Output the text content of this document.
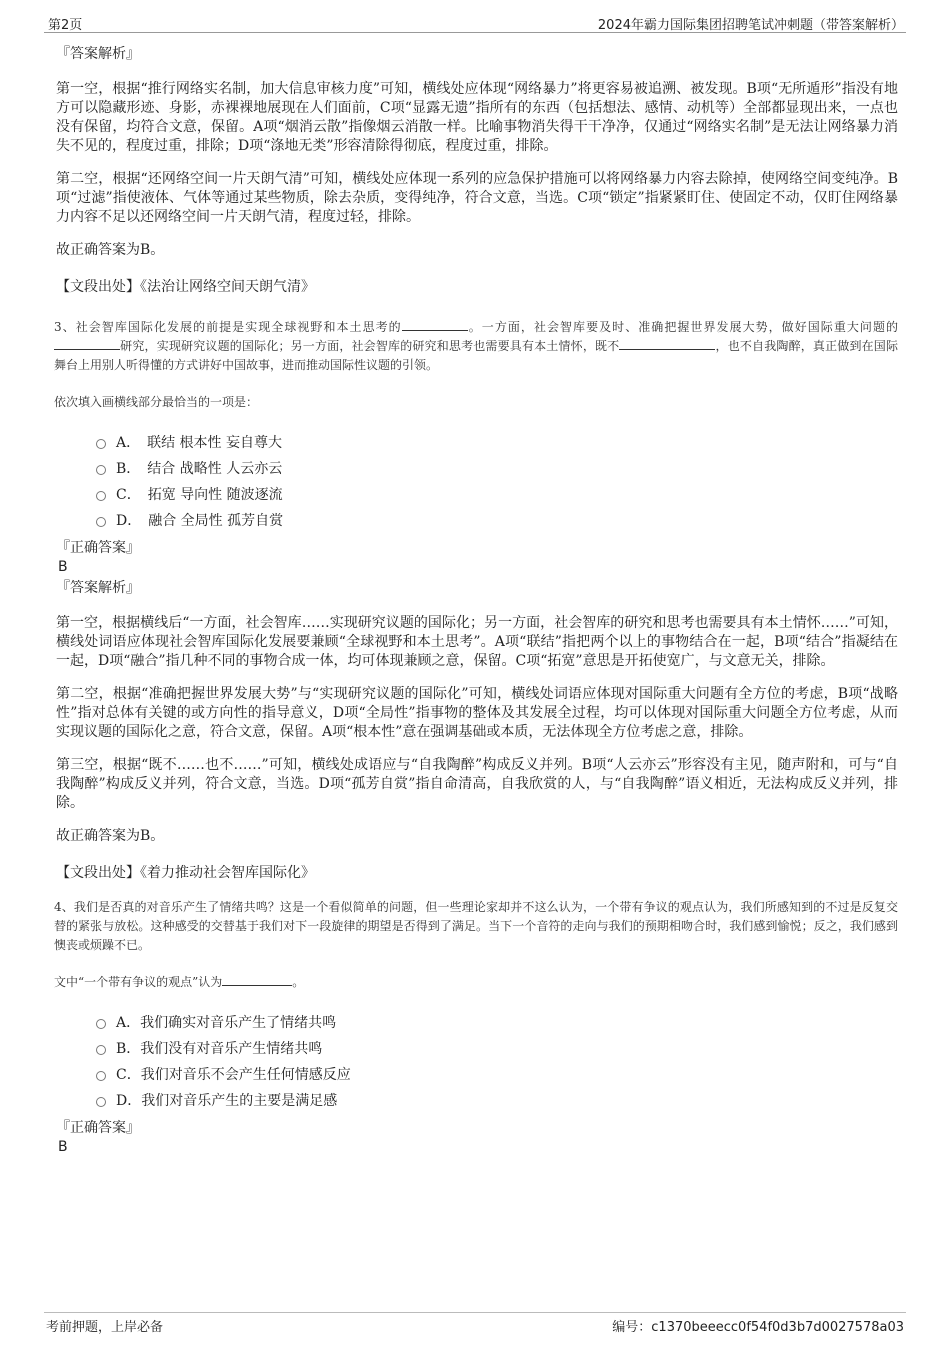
第2页	2024年霸力国际集团招聘笔试冲刺题（带答案解析）
『答案解析』

第一空，根据“推行网络实名制，加大信息审核力度”可知，横线处应体现“网络暴力”将更容易被追溯、被发现。B项“无所遁形”指没有地方可以隐藏形迹、身影，赤裸裸地展现在人们面前，C项“显露无遗”指所有的东西（包括想法、感情、动机等）全部都显现出来，一点也没有保留，均符合文意，保留。A项“烟消云散”指像烟云消散一样。比喻事物消失得干干净净，仅通过“网络实名制”是无法让网络暴力消失不见的，程度过重，排除；D项“涤地无类”形容清除得彻底，程度过重，排除。

第二空，根据“还网络空间一片天朗气清”可知，横线处应体现一系列的应急保护措施可以将网络暴力内容去除掉，使网络空间变纯净。B项“过滤”指使液体、气体等通过某些物质，除去杂质，变得纯净，符合文意，当选。C项“锁定”指紧紧盯住、使固定不动，仅盯住网络暴力内容不足以还网络空间一片天朗气清，程度过轻，排除。

故正确答案为B。

【文段出处】《法治让网络空间天朗气清》

3、社会智库国际化发展的前提是实现全球视野和本土思考的	。一方面，社会智库要及时、准确把握世界发展大势，做好国际重大问题的研究，实现研究议题的国际化；另一方面，社会智库的研究和思考也需要具有本土情怀，既不	，也不自我陶醉，真正做到在国际舞台上用别人听得懂的方式讲好中国故事，进而推动国际性议题的引领。

依次填入画横线部分最恰当的一项是：

A．　联结 根本性 妄自尊大
B．　结合 战略性 人云亦云
C．　拓宽 导向性 随波逐流
D．　融合 全局性 孤芳自赏
『正确答案』
B
『答案解析』

第一空，根据横线后“一方面，社会智库……实现研究议题的国际化；另一方面，社会智库的研究和思考也需要具有本土情怀……”可知，横线处词语应体现社会智库国际化发展要兼顾“全球视野和本土思考”。A项“联结”指把两个以上的事物结合在一起，B项“结合”指凝结在一起，D项“融合”指几种不同的事物合成一体，均可体现兼顾之意，保留。C项“拓宽”意思是开拓使宽广，与文意无关，排除。

第二空，根据“准确把握世界发展大势”与“实现研究议题的国际化”可知，横线处词语应体现对国际重大问题有全方位的考虑，B项“战略性”指对总体有关键的或方向性的指导意义，D项“全局性”指事物的整体及其发展全过程，均可以体现对国际重大问题全方位考虑，从而实现议题的国际化之意，符合文意，保留。A项“根本性”意在强调基础或本质，无法体现全方位考虑之意，排除。

第三空，根据“既不……也不……”可知，横线处成语应与“自我陶醉”构成反义并列。B项“人云亦云”形容没有主见，随声附和，可与“自我陶醉”构成反义并列，符合文意，当选。D项“孤芳自赏”指自命清高，自我欣赏的人，与“自我陶醉”语义相近，无法构成反义并列，排除。

故正确答案为B。

【文段出处】《着力推动社会智库国际化》

4、我们是否真的对音乐产生了情绪共鸣？这是一个看似简单的问题，但一些理论家却并不这么认为，一个带有争议的观点认为，我们所感知到的不过是反复交替的紧张与放松。这种感受的交替基于我们对下一段旋律的期望是否得到了满足。当下一个音符的走向与我们的预期相吻合时，我们感到愉悦；反之，我们感到懊丧或烦躁不已。

文中“一个带有争议的观点”认为	。

A．我们确实对音乐产生了情绪共鸣
B．我们没有对音乐产生情绪共鸣
C．我们对音乐不会产生任何情感反应
D．我们对音乐产生的主要是满足感
『正确答案』
B
考前押题，上岸必备	编号：c1370beeecc0f54f0d3b7d0027578a03
